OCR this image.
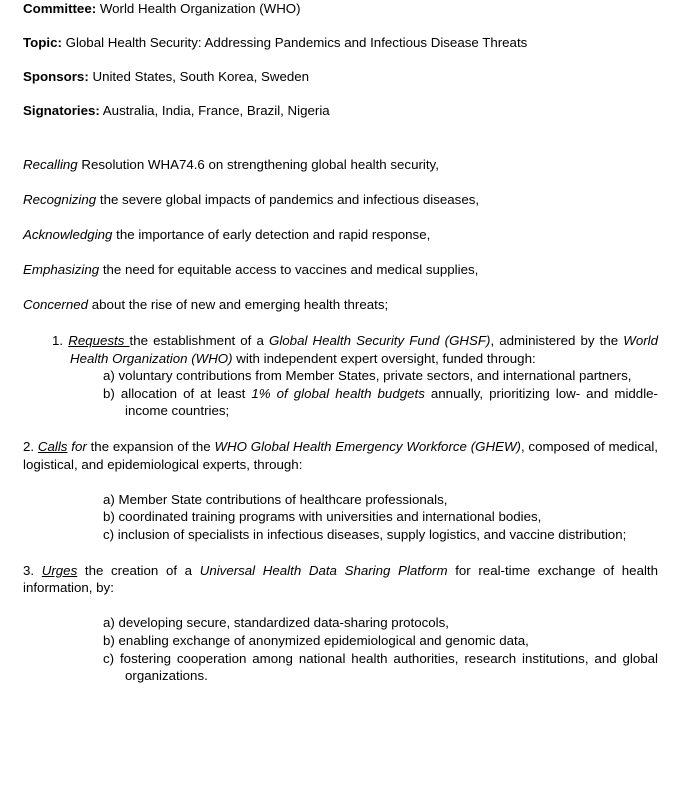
Committee: World Health Organization (WHO)
Topic: Global Health Security: Addressing Pandemics and Infectious Disease Threats
Sponsors: United States, South Korea, Sweden
Signatories: Australia, India, France, Brazil, Nigeria
Recalling Resolution WHA74.6 on strengthening global health security,
Recognizing the severe global impacts of pandemics and infectious diseases,
Acknowledging the importance of early detection and rapid response,
Emphasizing the need for equitable access to vaccines and medical supplies,
Concerned about the rise of new and emerging health threats;
1. Requests the establishment of a Global Health Security Fund (GHSF), administered by the World Health Organization (WHO) with independent expert oversight, funded through:
a) voluntary contributions from Member States, private sectors, and international partners,
b) allocation of at least 1% of global health budgets annually, prioritizing low- and middle-income countries;
2. Calls for the expansion of the WHO Global Health Emergency Workforce (GHEW), composed of medical, logistical, and epidemiological experts, through:
a) Member State contributions of healthcare professionals,
b) coordinated training programs with universities and international bodies,
c) inclusion of specialists in infectious diseases, supply logistics, and vaccine distribution;
3. Urges the creation of a Universal Health Data Sharing Platform for real-time exchange of health information, by:
a) developing secure, standardized data-sharing protocols,
b) enabling exchange of anonymized epidemiological and genomic data,
c) fostering cooperation among national health authorities, research institutions, and global organizations.
